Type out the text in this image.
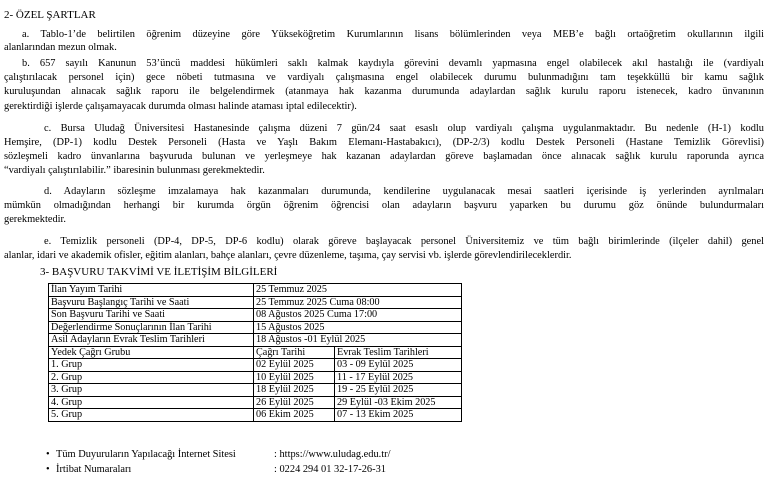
2- ÖZEL ŞARTLAR
a. Tablo-1’de belirtilen öğrenim düzeyine göre Yükseköğretim Kurumlarının lisans bölümlerinden veya MEB’e bağlı ortaöğretim okullarının ilgili
alanlarından mezun olmak.
b. 657 sayılı Kanunun 53’üncü maddesi hükümleri saklı kalmak kaydıyla görevini devamlı yapmasına engel olabilecek akıl hastalığı ile (vardiyalı
çalıştırılacak personel için) gece nöbeti tutmasına ve vardiyalı çalışmasına engel olabilecek durumu bulunmadığını tam teşekküllü bir kamu sağlık
kuruluşundan alınacak sağlık raporu ile belgelendirmek (atanmaya hak kazanma durumunda adaylardan sağlık kurulu raporu istenecek, kadro ünvanının
gerektirdiği işlerde çalışamayacak durumda olması halinde ataması iptal edilecektir).
c. Bursa Uludağ Üniversitesi Hastanesinde çalışma düzeni 7 gün/24 saat esaslı olup vardiyalı çalışma uygulanmaktadır. Bu nedenle (H-1) kodlu
Hemşire, (DP-1) kodlu Destek Personeli (Hasta ve Yaşlı Bakım Elemanı-Hastabakıcı), (DP-2/3) kodlu Destek Personeli (Hastane Temizlik Görevlisi)
sözleşmeli kadro ünvanlarına başvuruda bulunan ve yerleşmeye hak kazanan adaylardan göreve başlamadan önce alınacak sağlık kurulu raporunda ayrıca
“vardiyalı çalıştırılabilir.” ibaresinin bulunması gerekmektedir.
d. Adayların sözleşme imzalamaya hak kazanmaları durumunda, kendilerine uygulanacak mesai saatleri içerisinde iş yerlerinden ayrılmaları
mümkün olmadığından herhangi bir kurumda örgün öğrenim öğrencisi olan adayların başvuru yaparken bu durumu göz önünde bulundurmaları
gerekmektedir.
e. Temizlik personeli (DP-4, DP-5, DP-6 kodlu) olarak göreve başlayacak personel Üniversitemiz ve tüm bağlı birimlerinde (ilçeler dahil) genel
alanlar, idari ve akademik ofisler, eğitim alanları, bahçe alanları, çevre düzenleme, taşıma, çay servisi vb. işlerde görevlendirileceklerdir.
3- BAŞVURU TAKVİMİ VE İLETİŞİM BİLGİLERİ
İlan Yayım Tarihi	25 Temmuz 2025	
Başvuru Başlangıç Tarihi ve Saati	25 Temmuz 2025 Cuma 08:00	
Son Başvuru Tarihi ve Saati	08 Ağustos 2025 Cuma 17:00	
Değerlendirme Sonuçlarının İlan Tarihi	15 Ağustos 2025	
Asil Adayların Evrak Teslim Tarihleri	18 Ağustos -01 Eylül 2025	
Yedek Çağrı Grubu	Çağrı Tarihi	Evrak Teslim Tarihleri
1. Grup	02 Eylül 2025	03 - 09 Eylül 2025
2. Grup	10 Eylül 2025	11 - 17 Eylül 2025
3. Grup	18 Eylül 2025	19 - 25 Eylül 2025
4. Grup	26 Eylül 2025	29 Eylül -03 Ekim 2025
5. Grup	06 Ekim 2025	07 - 13 Ekim 2025
• Tüm Duyuruların Yapılacağı İnternet Sitesi	: https://www.uludag.edu.tr/
• İrtibat Numaraları	: 0224 294 01 32-17-26-31
